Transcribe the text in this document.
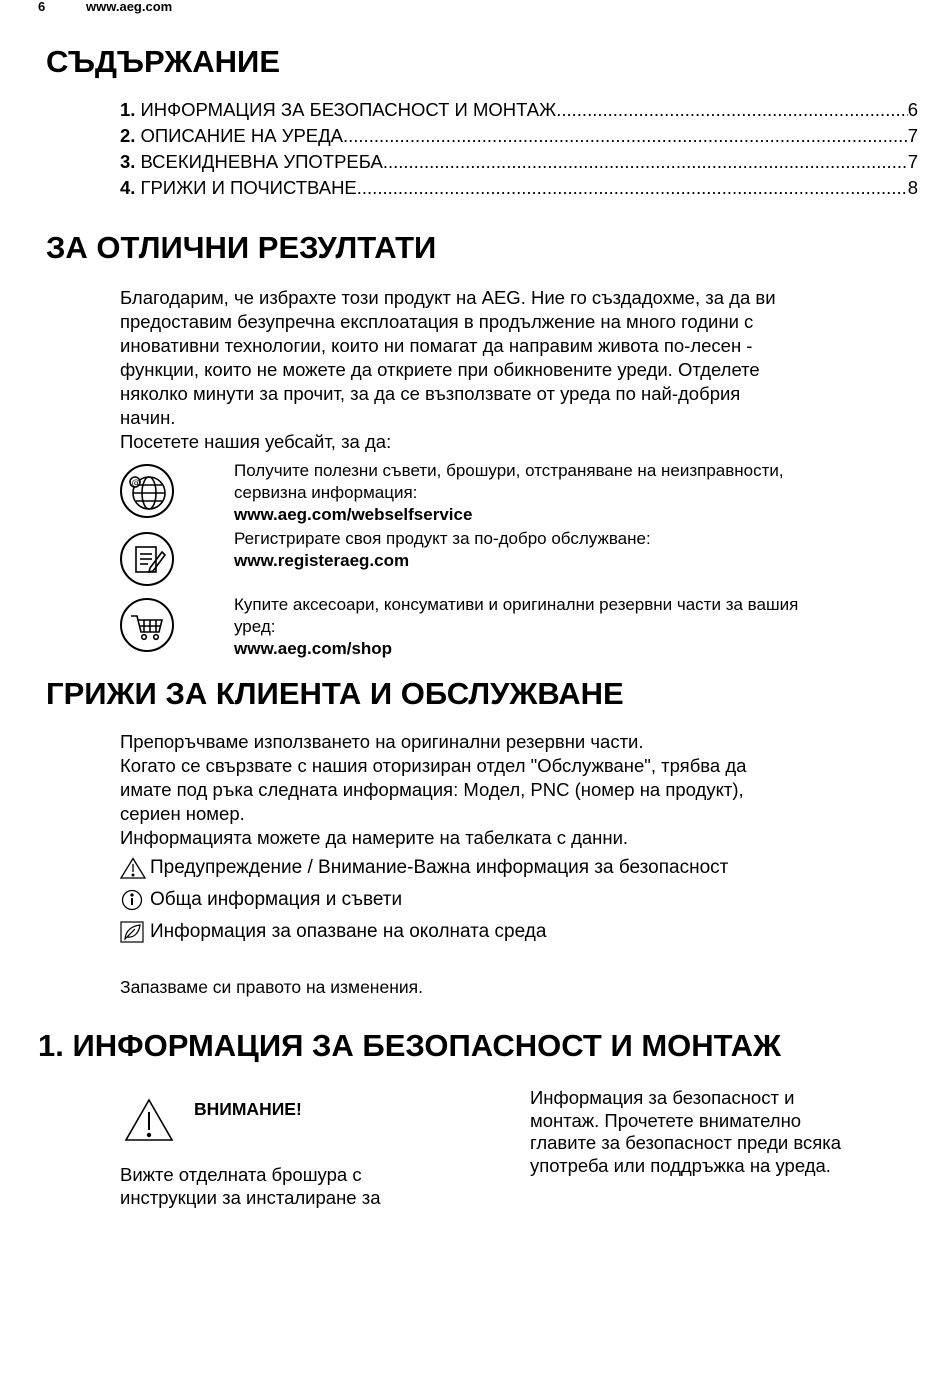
6	www.aeg.com
СЪДЪРЖАНИЕ
1. ИНФОРМАЦИЯ ЗА БЕЗОПАСНОСТ И МОНТАЖ .....	6
2. ОПИСАНИЕ НА УРЕДА .....	7
3. ВСЕКИДНЕВНА УПОТРЕБА .....	7
4. ГРИЖИ И ПОЧИСТВАНЕ .....	8
ЗА ОТЛИЧНИ РЕЗУЛТАТИ
Благодарим, че избрахте този продукт на AEG. Ние го създадохме, за да ви
предоставим безупречна експлоатация в продължение на много години с
иновативни технологии, които ни помагат да направим живота по-лесен -
функции, които не можете да откриете при обикновените уреди. Отделете
няколко минути за прочит, за да се възползвате от уреда по най-добрия
начин.
Посетете нашия уебсайт, за да:
@
Получите полезни съвети, брошури, отстраняване на неизправности,
сервизна информация:
www.aeg.com/webselfservice
Регистрирате своя продукт за по-добро обслужване:
www.registeraeg.com
Купите аксесоари, консумативи и оригинални резервни части за вашия
уред:
www.aeg.com/shop
ГРИЖИ ЗА КЛИЕНТА И ОБСЛУЖВАНЕ
Препоръчваме използването на оригинални резервни части.
Когато се свързвате с нашия оторизиран отдел "Обслужване", трябва да
имате под ръка следната информация: Модел, PNC (номер на продукт),
сериен номер.
Информацията можете да намерите на табелката с данни.
Предупреждение / Внимание-Важна информация за безопасност
Обща информация и съвети
Информация за опазване на околната среда
Запазваме си правото на изменения.
1. ИНФОРМАЦИЯ ЗА БЕЗОПАСНОСТ И МОНТАЖ
ВНИМАНИЕ!
Вижте отделната брошура с
инструкции за инсталиране за
Информация за безопасност и
монтаж. Прочетете внимателно
главите за безопасност преди всяка
употреба или поддръжка на уреда.
